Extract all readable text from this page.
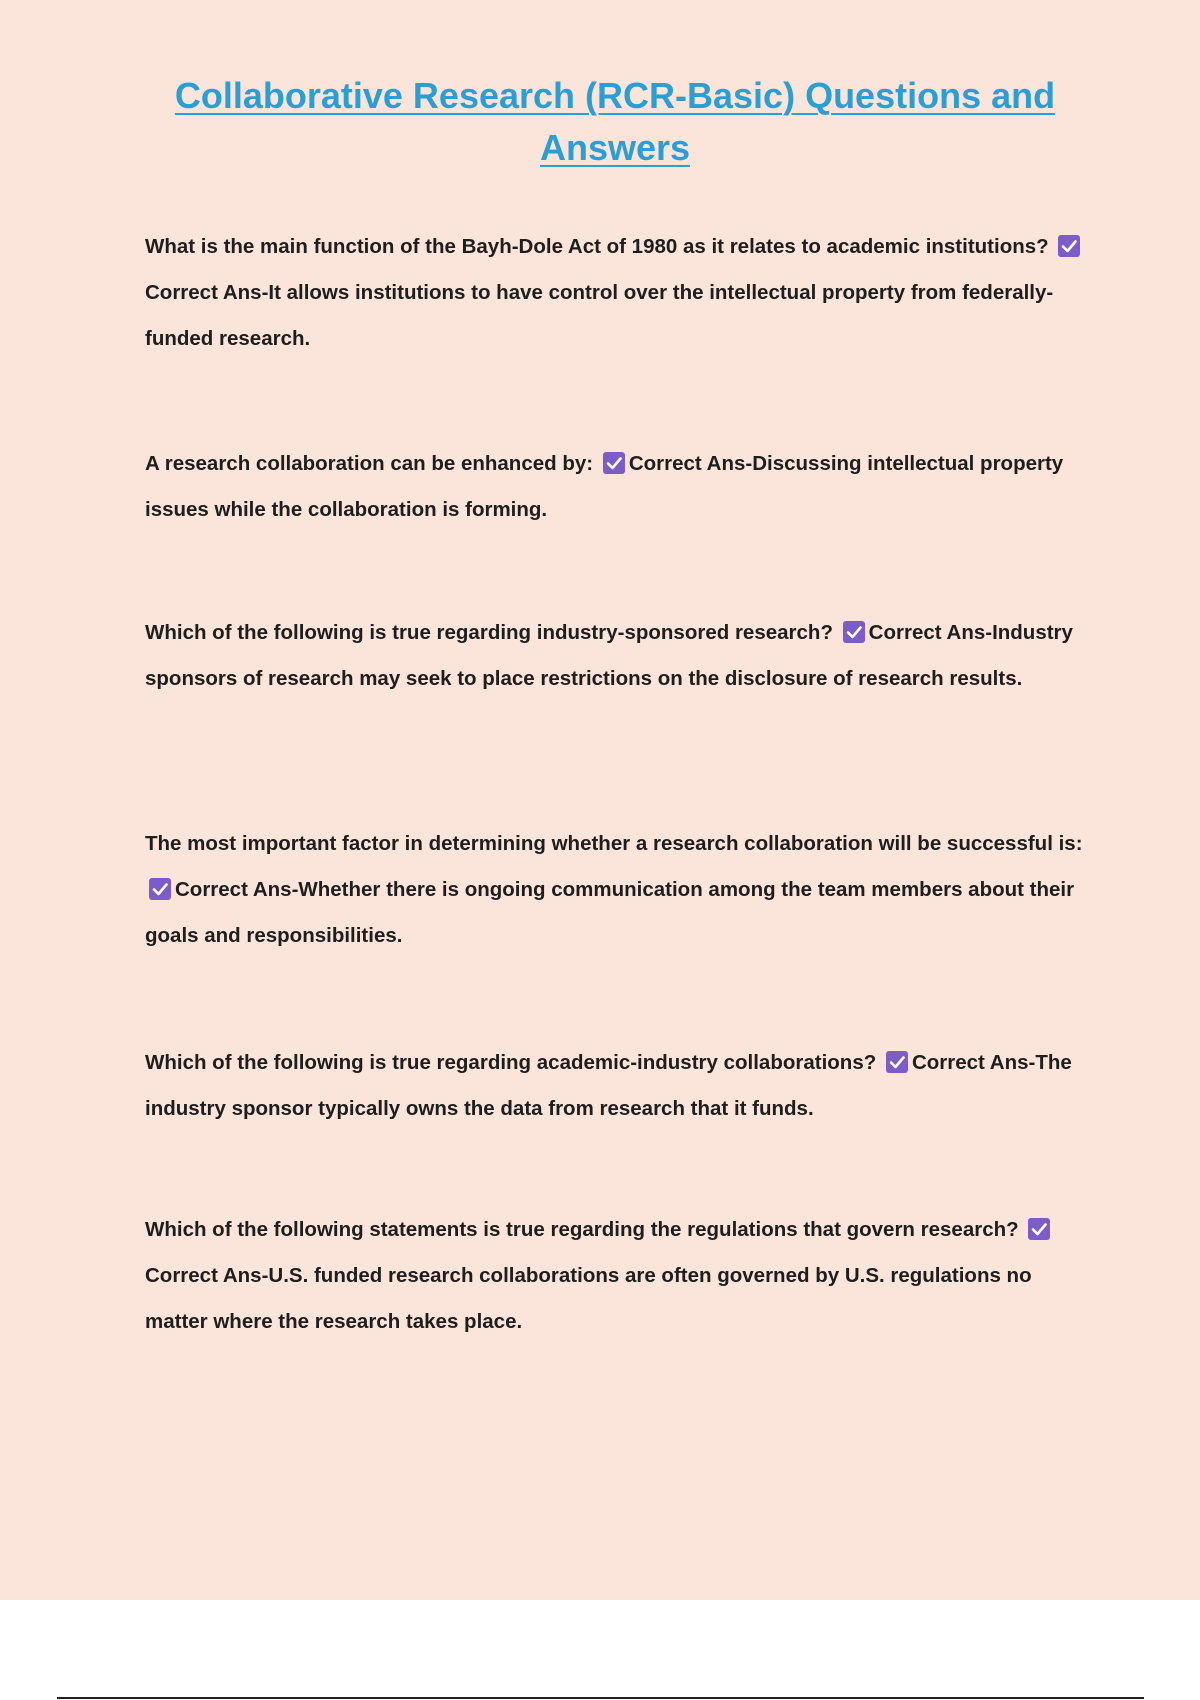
Collaborative Research (RCR-Basic) Questions and Answers
What is the main function of the Bayh-Dole Act of 1980 as it relates to academic institutions? Correct Ans-It allows institutions to have control over the intellectual property from federally-funded research.
A research collaboration can be enhanced by: Correct Ans-Discussing intellectual property issues while the collaboration is forming.
Which of the following is true regarding industry-sponsored research? Correct Ans-Industry sponsors of research may seek to place restrictions on the disclosure of research results.
The most important factor in determining whether a research collaboration will be successful is: Correct Ans-Whether there is ongoing communication among the team members about their goals and responsibilities.
Which of the following is true regarding academic-industry collaborations? Correct Ans-The industry sponsor typically owns the data from research that it funds.
Which of the following statements is true regarding the regulations that govern research? Correct Ans-U.S. funded research collaborations are often governed by U.S. regulations no matter where the research takes place.
